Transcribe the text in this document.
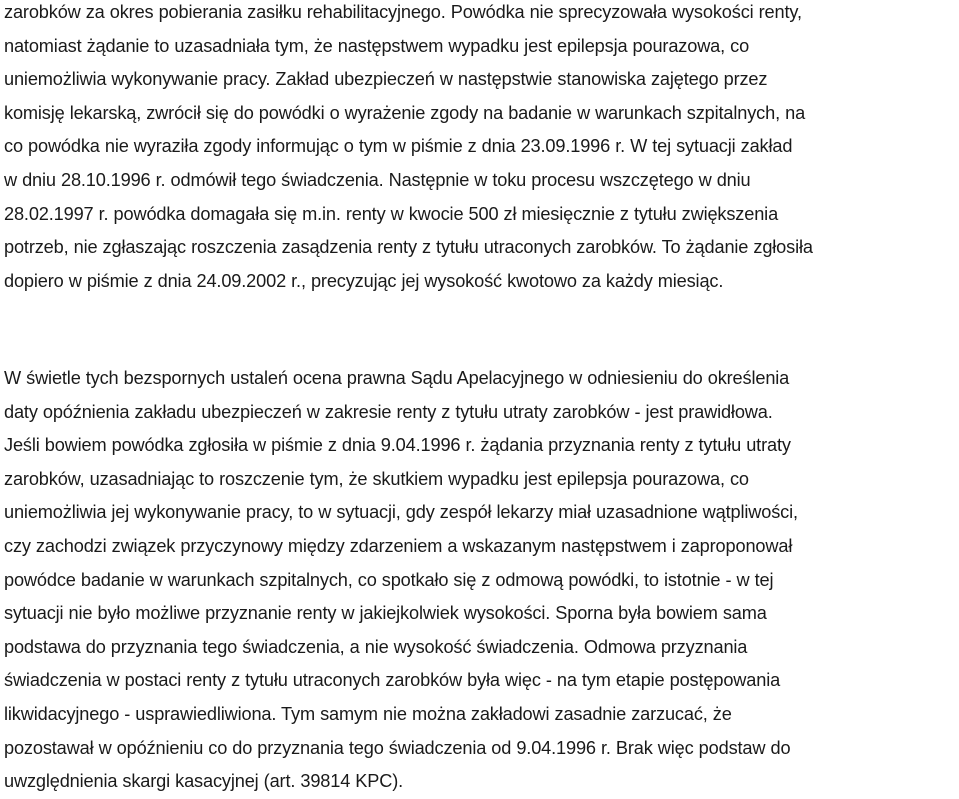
zarobków za okres pobierania zasiłku rehabilitacyjnego. Powódka nie sprecyzowała wysokości renty,
natomiast żądanie to uzasadniała tym, że następstwem wypadku jest epilepsja pourazowa, co
uniemożliwia wykonywanie pracy. Zakład ubezpieczeń w następstwie stanowiska zajętego przez
komisję lekarską, zwrócił się do powódki o wyrażenie zgody na badanie w warunkach szpitalnych, na
co powódka nie wyraziła zgody informując o tym w piśmie z dnia 23.09.1996 r. W tej sytuacji zakład
w dniu 28.10.1996 r. odmówił tego świadczenia. Następnie w toku procesu wszczętego w dniu
28.02.1997 r. powódka domagała się m.in. renty w kwocie 500 zł miesięcznie z tytułu zwiększenia
potrzeb, nie zgłaszając roszczenia zasądzenia renty z tytułu utraconych zarobków. To żądanie zgłosiła
dopiero w piśmie z dnia 24.09.2002 r., precyzując jej wysokość kwotowo za każdy miesiąc.

W świetle tych bezspornych ustaleń ocena prawna Sądu Apelacyjnego w odniesieniu do określenia
daty opóźnienia zakładu ubezpieczeń w zakresie renty z tytułu utraty zarobków - jest prawidłowa.
Jeśli bowiem powódka zgłosiła w piśmie z dnia 9.04.1996 r. żądania przyznania renty z tytułu utraty
zarobków, uzasadniając to roszczenie tym, że skutkiem wypadku jest epilepsja pourazowa, co
uniemożliwia jej wykonywanie pracy, to w sytuacji, gdy zespół lekarzy miał uzasadnione wątpliwości,
czy zachodzi związek przyczynowy między zdarzeniem a wskazanym następstwem i zaproponował
powódce badanie w warunkach szpitalnych, co spotkało się z odmową powódki, to istotnie - w tej
sytuacji nie było możliwe przyznanie renty w jakiejkolwiek wysokości. Sporna była bowiem sama
podstawa do przyznania tego świadczenia, a nie wysokość świadczenia. Odmowa przyznania
świadczenia w postaci renty z tytułu utraconych zarobków była więc - na tym etapie postępowania
likwidacyjnego - usprawiedliwiona. Tym samym nie można zakładowi zasadnie zarzucać, że
pozostawał w opóźnieniu co do przyznania tego świadczenia od 9.04.1996 r. Brak więc podstaw do
uwzględnienia skargi kasacyjnej (art. 39814 KPC).
